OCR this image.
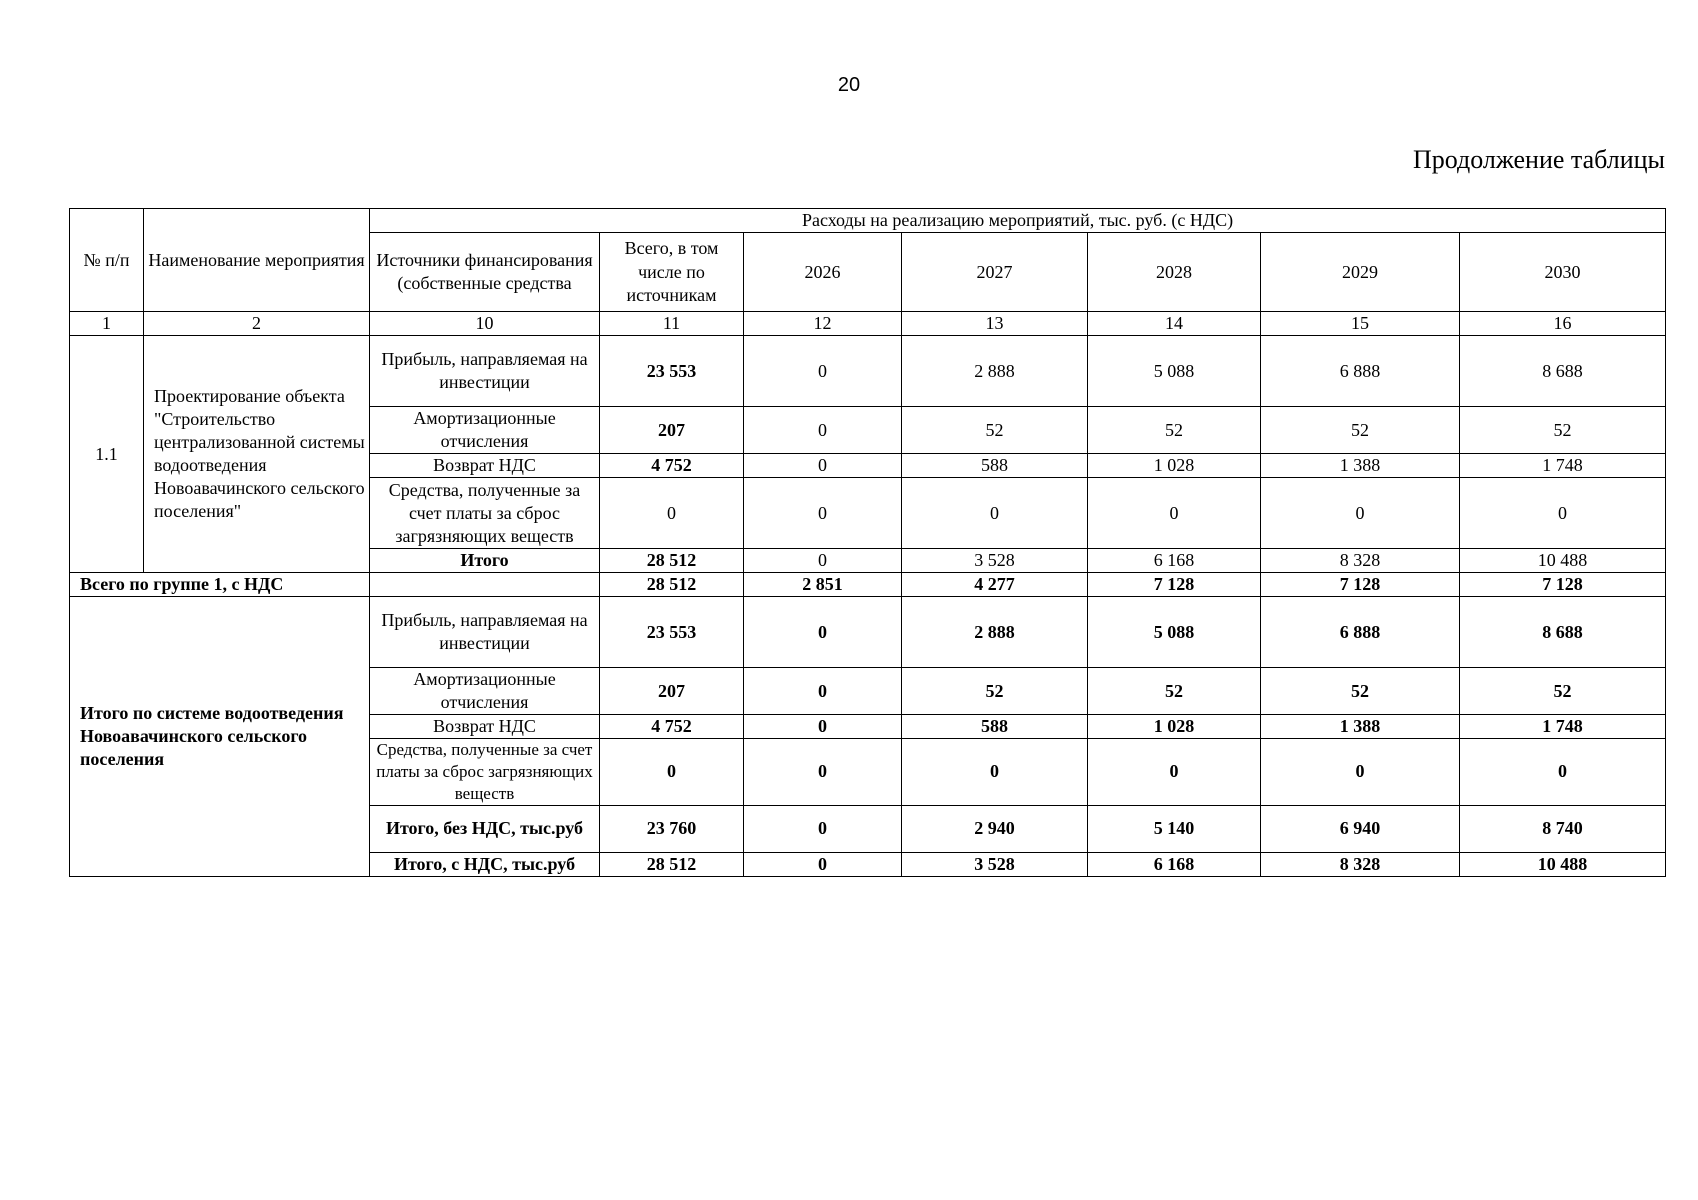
20
Продолжение таблицы
№ п/п	Наименование мероприятия	Расходы на реализацию мероприятий, тыс. руб. (с НДС)						
		Источники финансирования (собственные средства	Всего, в том числе по источникам	2026	2027	2028	2029	2030
1	2	10	11	12	13	14	15	16
1.1	Проектирование объекта "Строительство централизованной системы водоотведения Новоавачинского сельского поселения"	Прибыль, направляемая на инвестиции	23 553	0	2 888	5 088	6 888	8 688
		Амортизационные отчисления	207	0	52	52	52	52
		Возврат НДС	4 752	0	588	1 028	1 388	1 748
		Средства, полученные за счет платы за сброс загрязняющих веществ	0	0	0	0	0	0
		Итого	28 512	0	3 528	6 168	8 328	10 488
Всего по группе 1, с НДС			28 512	2 851	4 277	7 128	7 128	7 128
Итого по системе водоотведения Новоавачинского сельского поселения		Прибыль, направляемая на инвестиции	23 553	0	2 888	5 088	6 888	8 688
		Амортизационные отчисления	207	0	52	52	52	52
		Возврат НДС	4 752	0	588	1 028	1 388	1 748
		Средства, полученные за счет платы за сброс загрязняющих веществ	0	0	0	0	0	0
		Итого, без НДС, тыс.руб	23 760	0	2 940	5 140	6 940	8 740
		Итого, с НДС, тыс.руб	28 512	0	3 528	6 168	8 328	10 488
